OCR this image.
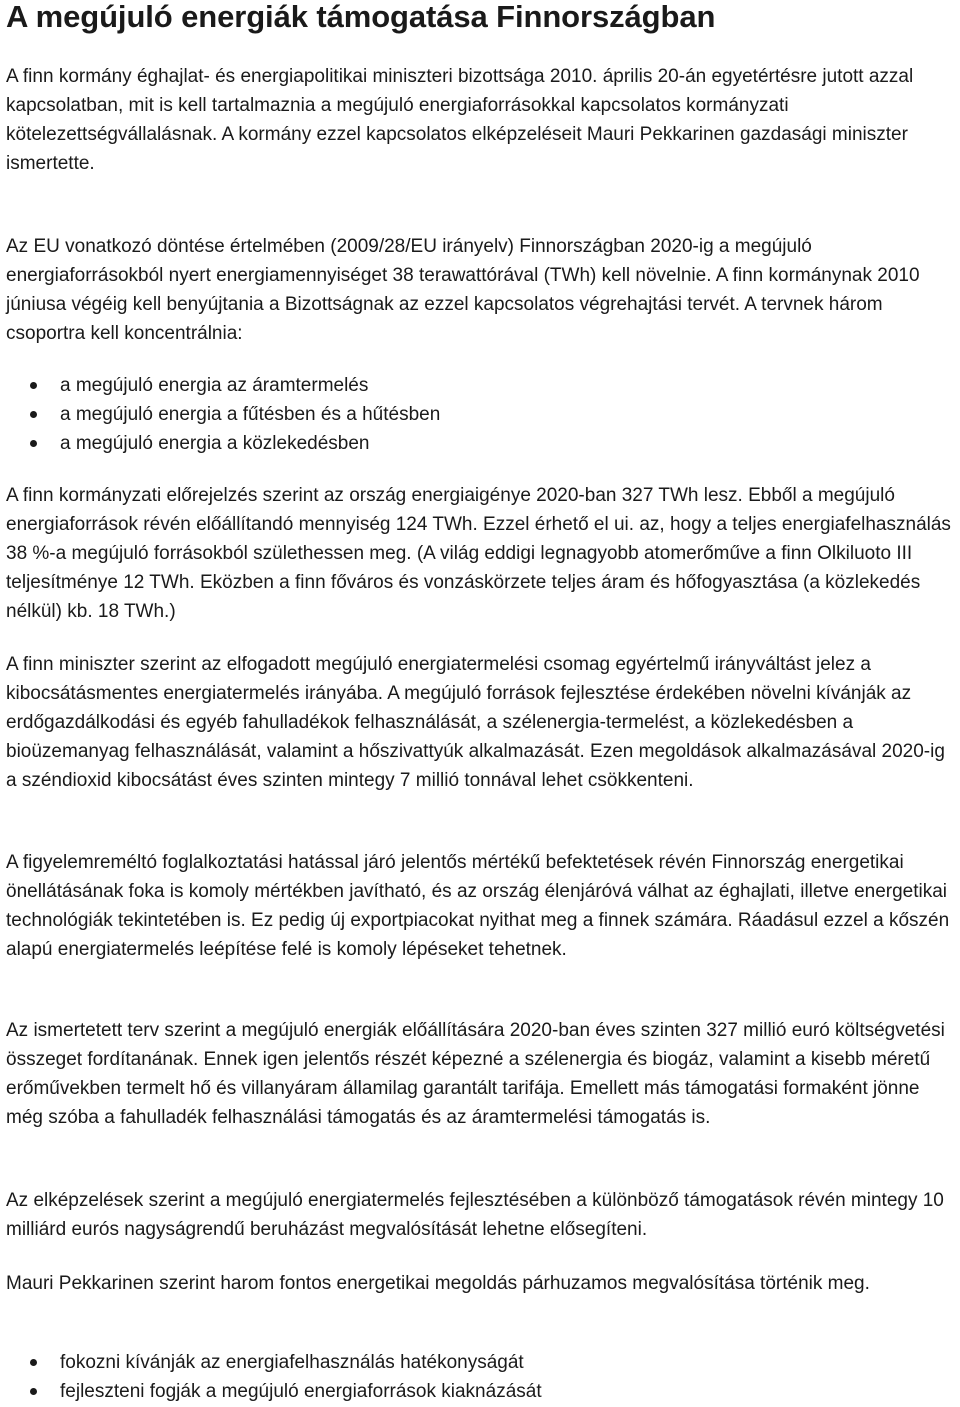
A megújuló energiák támogatása Finnországban

A finn kormány éghajlat- és energiapolitikai miniszteri bizottsága 2010. április 20-án egyetértésre jutott azzal kapcsolatban, mit is kell tartalmaznia a megújuló energiaforrásokkal kapcsolatos kormányzati kötelezettségvállalásnak. A kormány ezzel kapcsolatos elképzeléseit Mauri Pekkarinen gazdasági miniszter ismertette.

Az EU vonatkozó döntése értelmében (2009/28/EU irányelv) Finnországban 2020-ig a megújuló energiaforrásokból nyert energiamennyiséget 38 terawattórával (TWh) kell növelnie. A finn kormánynak 2010 júniusa végéig kell benyújtania a Bizottságnak az ezzel kapcsolatos végrehajtási tervét. A tervnek három csoportra kell koncentrálnia:

a megújuló energia az áramtermelés
a megújuló energia a fűtésben és a hűtésben
a megújuló energia a közlekedésben

A finn kormányzati előrejelzés szerint az ország energiaigénye 2020-ban 327 TWh lesz. Ebből a megújuló energiaforrások révén előállítandó mennyiség 124 TWh. Ezzel érhető el ui. az, hogy a teljes energiafelhasználás 38 %-a megújuló forrásokból születhessen meg. (A világ eddigi legnagyobb atomerőműve a finn Olkiluoto III teljesítménye 12 TWh. Eközben a finn főváros és vonzáskörzete teljes áram és hőfogyasztása (a közlekedés nélkül) kb. 18 TWh.)

A finn miniszter szerint az elfogadott megújuló energiatermelési csomag egyértelmű irányváltást jelez a kibocsátásmentes energiatermelés irányába. A megújuló források fejlesztése érdekében növelni kívánják az erdőgazdálkodási és egyéb fahulladékok felhasználását, a szélenergia-termelést, a közlekedésben a bioüzemanyag felhasználását, valamint a hőszivattyúk alkalmazását. Ezen megoldások alkalmazásával 2020-ig a széndioxid kibocsátást éves szinten mintegy 7 millió tonnával lehet csökkenteni.

A figyelemreméltó foglalkoztatási hatással járó jelentős mértékű befektetések révén Finnország energetikai önellátásának foka is komoly mértékben javítható, és az ország élenjáróvá válhat az éghajlati, illetve energetikai technológiák tekintetében is. Ez pedig új exportpiacokat nyithat meg a finnek számára. Ráadásul ezzel a kőszén alapú energiatermelés leépítése felé is komoly lépéseket tehetnek.

Az ismertetett terv szerint a megújuló energiák előállítására 2020-ban éves szinten 327 millió euró költségvetési összeget fordítanának. Ennek igen jelentős részét képezné a szélenergia és biogáz, valamint a kisebb méretű erőművekben termelt hő és villanyáram államilag garantált tarifája. Emellett más támogatási formaként jönne még szóba a fahulladék felhasználási támogatás és az áramtermelési támogatás is.

Az elképzelések szerint a megújuló energiatermelés fejlesztésében a különböző támogatások révén mintegy 10 milliárd eurós nagyságrendű beruházást megvalósítását lehetne elősegíteni.

Mauri Pekkarinen szerint harom fontos energetikai megoldás párhuzamos megvalósítása történik meg.

fokozni kívánják az energiafelhasználás hatékonyságát
fejleszteni fogják a megújuló energiaforrások kiaknázását
